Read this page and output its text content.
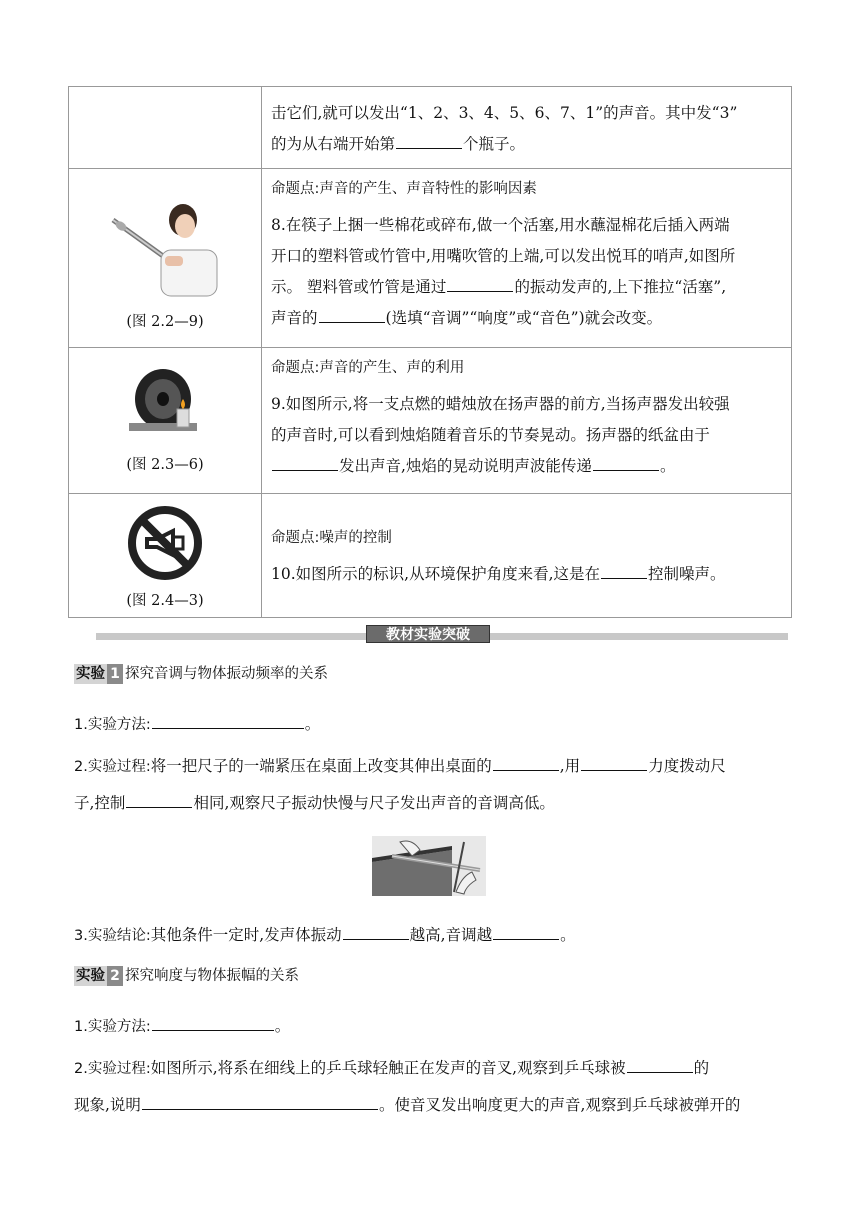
	击它们,就可以发出“1、2、3、4、5、6、7、1”的声音。其中发“3”
的为从右端开始第 个瓶子。

(图 2.2—9)	命题点:声音的产生、声音特性的影响因素
8.在筷子上捆一些棉花或碎布,做一个活塞,用水蘸湿棉花后插入两端
开口的塑料管或竹管中,用嘴吹管的上端,可以发出悦耳的哨声,如图所
示。 塑料管或竹管是通过 的振动发声的,上下推拉“活塞”,
声音的 (选填“音调”“响度”或“音色”)就会改变。

(图 2.3—6)	命题点:声音的产生、声的利用
9.如图所示,将一支点燃的蜡烛放在扬声器的前方,当扬声器发出较强
的声音时,可以看到烛焰随着音乐的节奏晃动。扬声器的纸盆由于
发出声音,烛焰的晃动说明声波能传递 。

(图 2.4—3)	命题点:噪声的控制
10.如图所示的标识,从环境保护角度来看,这是在 控制噪声。
教材实验突破
实验 1 探究音调与物体振动频率的关系
1.实验方法:	。
2.实验过程:将一把尺子的一端紧压在桌面上改变其伸出桌面的	,用	力度拨动尺
子,控制	相同,观察尺子振动快慢与尺子发出声音的音调高低。
3.实验结论:其他条件一定时,发声体振动	越高,音调越	。
实验 2 探究响度与物体振幅的关系
1.实验方法:	。
2.实验过程:如图所示,将系在细线上的乒乓球轻触正在发声的音叉,观察到乒乓球被	的
现象,说明	。使音叉发出响度更大的声音,观察到乒乓球被弹开的
